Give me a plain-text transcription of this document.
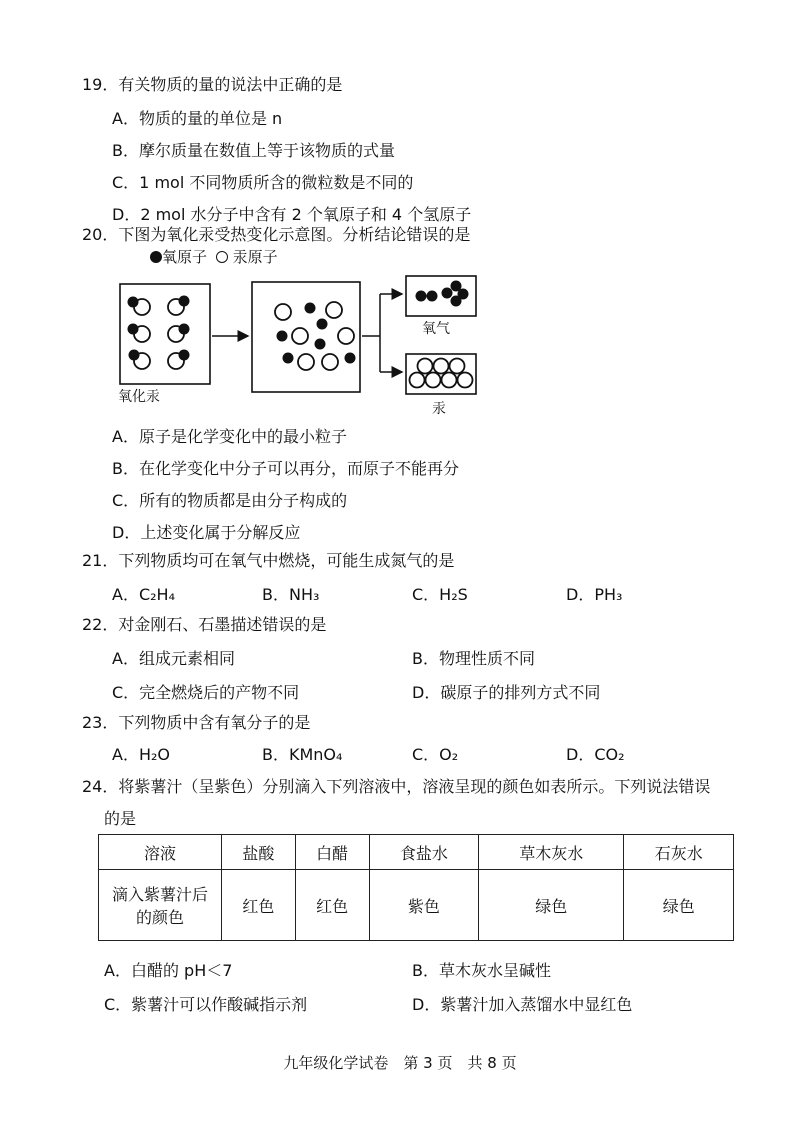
19．有关物质的量的说法中正确的是
A．物质的量的单位是 n
B．摩尔质量在数值上等于该物质的式量
C．1 mol 不同物质所含的微粒数是不同的
D．2 mol 水分子中含有 2 个氧原子和 4 个氢原子
20．下图为氧化汞受热变化示意图。分析结论错误的是
氧原子 汞原子
氧化汞
氧气
汞
A．原子是化学变化中的最小粒子
B．在化学变化中分子可以再分，而原子不能再分
C．所有的物质都是由分子构成的
D．上述变化属于分解反应
21．下列物质均可在氧气中燃烧，可能生成氮气的是
A．C₂H₄	B．NH₃	C．H₂S	D．PH₃
22．对金刚石、石墨描述错误的是
A．组成元素相同	B．物理性质不同
C．完全燃烧后的产物不同	D．碳原子的排列方式不同
23．下列物质中含有氧分子的是
A．H₂O	B．KMnO₄	C．O₂	D．CO₂
24．将紫薯汁（呈紫色）分别滴入下列溶液中，溶液呈现的颜色如表所示。下列说法错误
的是
溶液	盐酸	白醋	食盐水	草木灰水	石灰水

滴入紫薯汁后
的颜色	红色	红色	紫色	绿色	绿色
A．白醋的 pH＜7	B．草木灰水呈碱性
C．紫薯汁可以作酸碱指示剂	D．紫薯汁加入蒸馏水中显红色
九年级化学试卷　第 3 页　共 8 页
